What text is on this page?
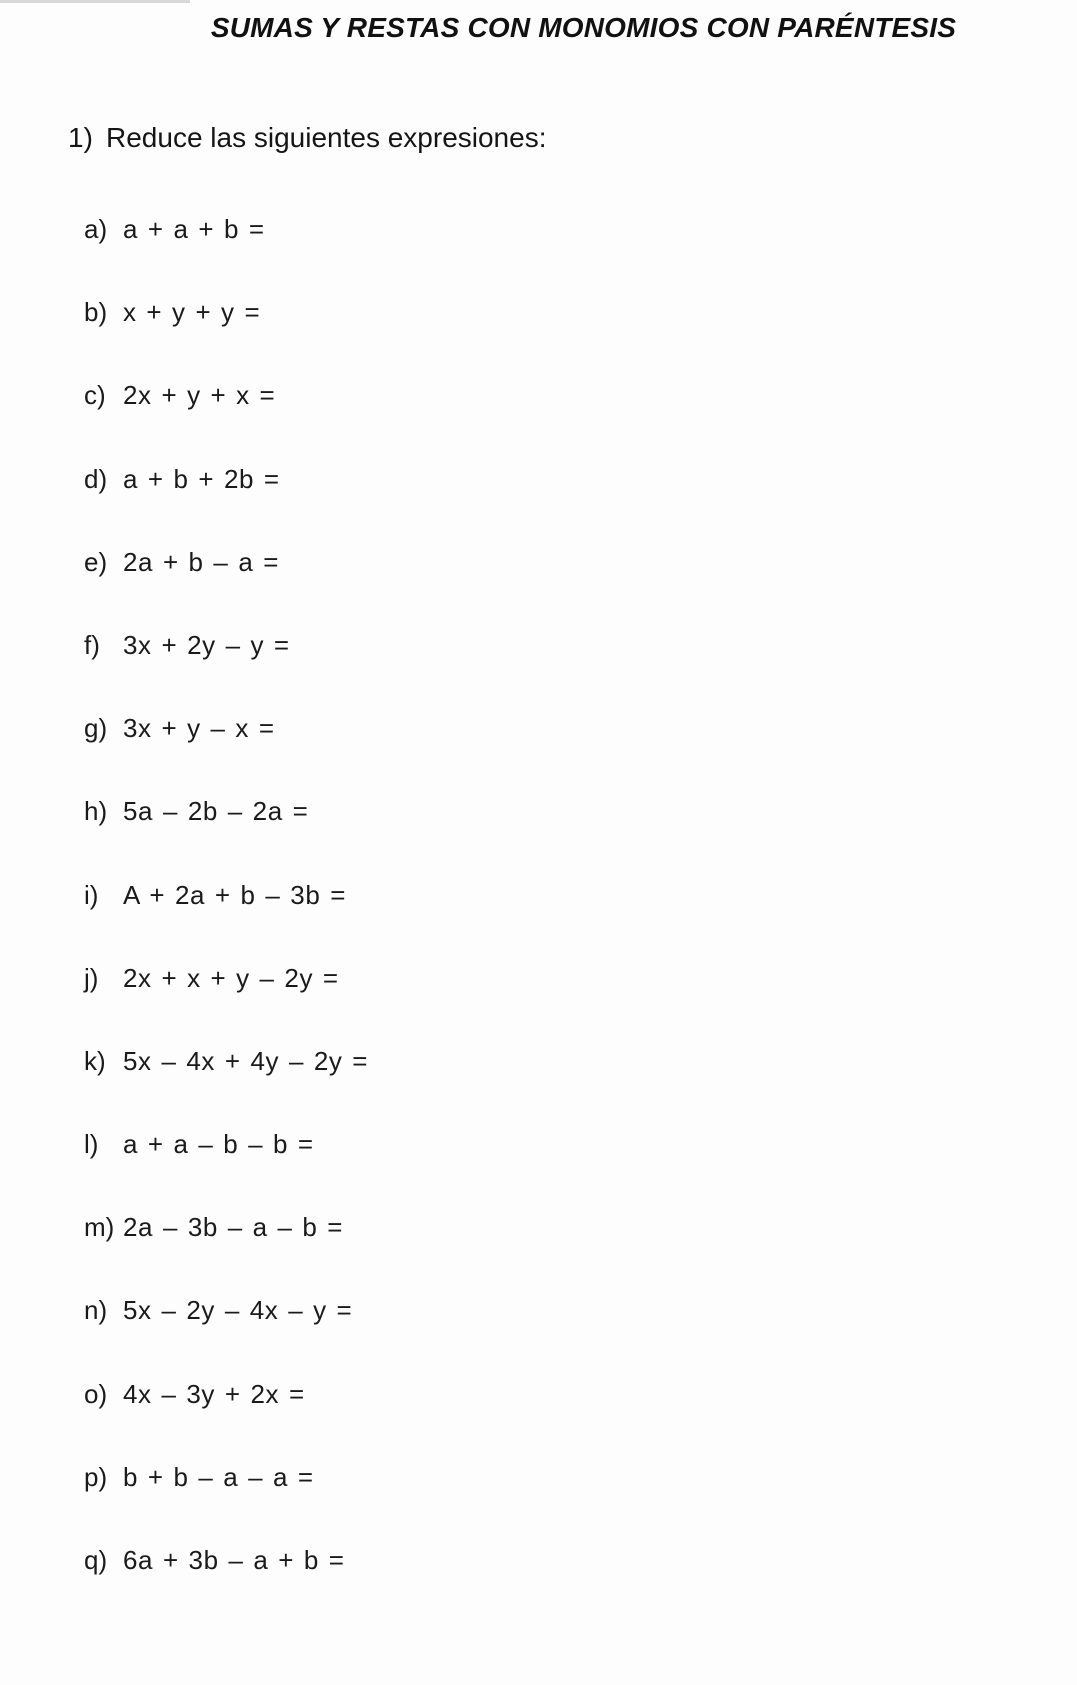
SUMAS Y RESTAS CON MONOMIOS CON PARÉNTESIS
1) Reduce las siguientes expresiones:
a) a + a + b =
b) x + y + y =
c) 2x + y + x =
d) a + b + 2b =
e) 2a + b – a =
f) 3x + 2y – y =
g) 3x + y – x =
h) 5a – 2b – 2a =
i) A + 2a + b – 3b =
j) 2x + x + y – 2y =
k) 5x – 4x + 4y – 2y =
l) a + a – b – b =
m) 2a – 3b – a – b =
n) 5x – 2y – 4x – y =
o) 4x – 3y + 2x =
p) b + b – a – a =
q) 6a + 3b – a + b =
